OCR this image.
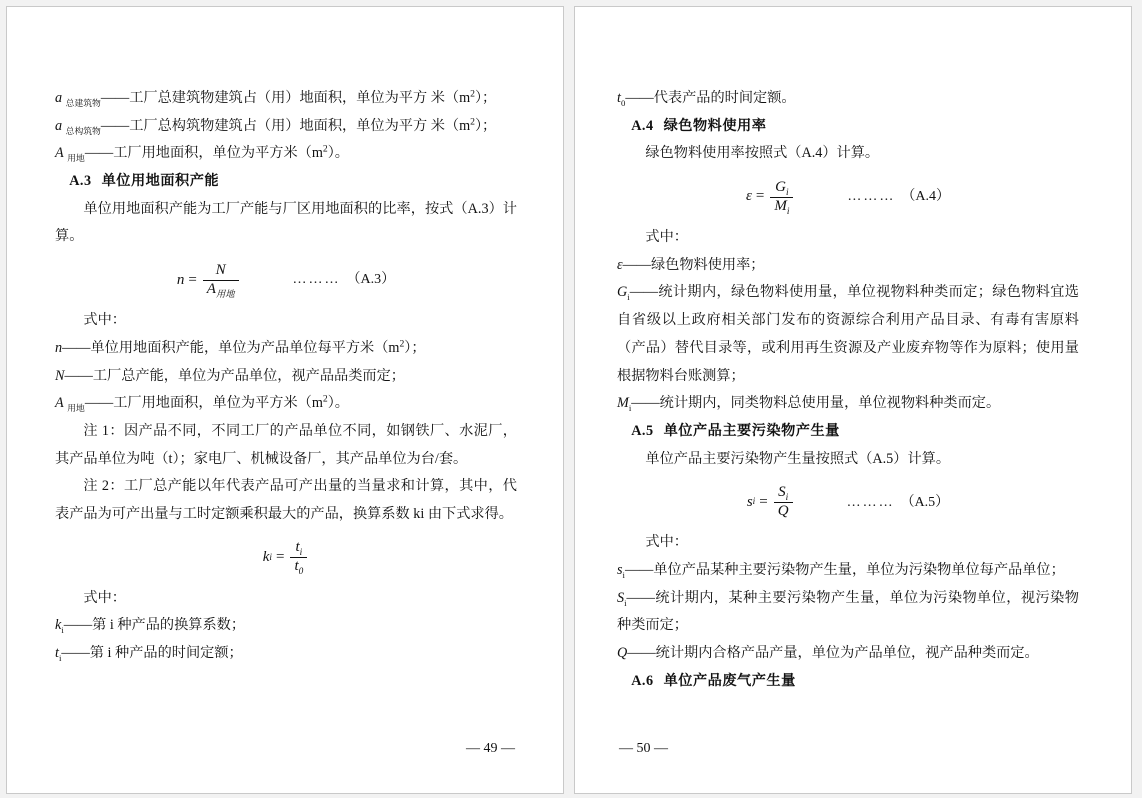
a $_{总建筑物}$——工厂总建筑物建筑占（用）地面积，单位为平方 米$(m^2)$；

a $_{总构筑物}$——工厂总构筑物建筑占（用）地面积，单位为平方 米$(m^2)$；

A $_{用地}$——工厂用地面积，单位为平方米$(m^2)$。

A.3 单位用地面积产能

单位用地面积产能为工厂产能与厂区用地面积的比率，按式（A.3）计算。

$n = \frac{N}{A_{用地}}$	……… （A.3）

式中：

n——单位用地面积产能，单位为产品单位每平方米$(m^2)$；

N——工厂总产能，单位为产品单位，视产品品类而定；

A $_{用地}$——工厂用地面积，单位为平方米$(m^2)$。

注 1：因产品不同，不同工厂的产品单位不同，如钢铁厂、水泥厂，其产品单位为吨（t）；家电厂、机械设备厂，其产品单位为台/套。

注 2：工厂总产能以年代表产品可产出量的当量求和计算，其中，代表产品为可产出量与工时定额乘积最大的产品，换算系数 ki 由下式求得。

k $i = \frac{t_i}{t_0}$

式中：

$k_i——$第 i 种产品的换算系数；

$t_i——$第 i 种产品的时间定额；

— 49 —

$t_0——$代表产品的时间定额。

A.4 绿色物料使用率

绿色物料使用率按照式（A.4）计算。

$\varepsilon = \frac{G_i}{M_i}$	……… （A.4）

式中：

ε——绿色物料使用率；

$G_i——$统计期内，绿色物料使用量，单位视物料种类而定；绿色物料宜选自省级以上政府相关部门发布的资源综合利用产品目录、有毒有害原料（产品）替代目录等，或利用再生资源及产业废弃物等作为原料；使用量根据物料台账测算；

$M_i——$统计期内，同类物料总使用量，单位视物料种类而定。

A.5 单位产品主要污染物产生量

单位产品主要污染物产生量按照式（A.5）计算。

s $i = \frac{S_i}{Q}$	……… （A.5）

式中：

$s_i——$单位产品某种主要污染物产生量，单位为污染物单位每产品单位；

$S_i——$统计期内，某种主要污染物产生量，单位为污染物单位，视污染物种类而定；

Q——统计期内合格产品产量，单位为产品单位，视产品种类而定。

A.6 单位产品废气产生量

— 50 —
